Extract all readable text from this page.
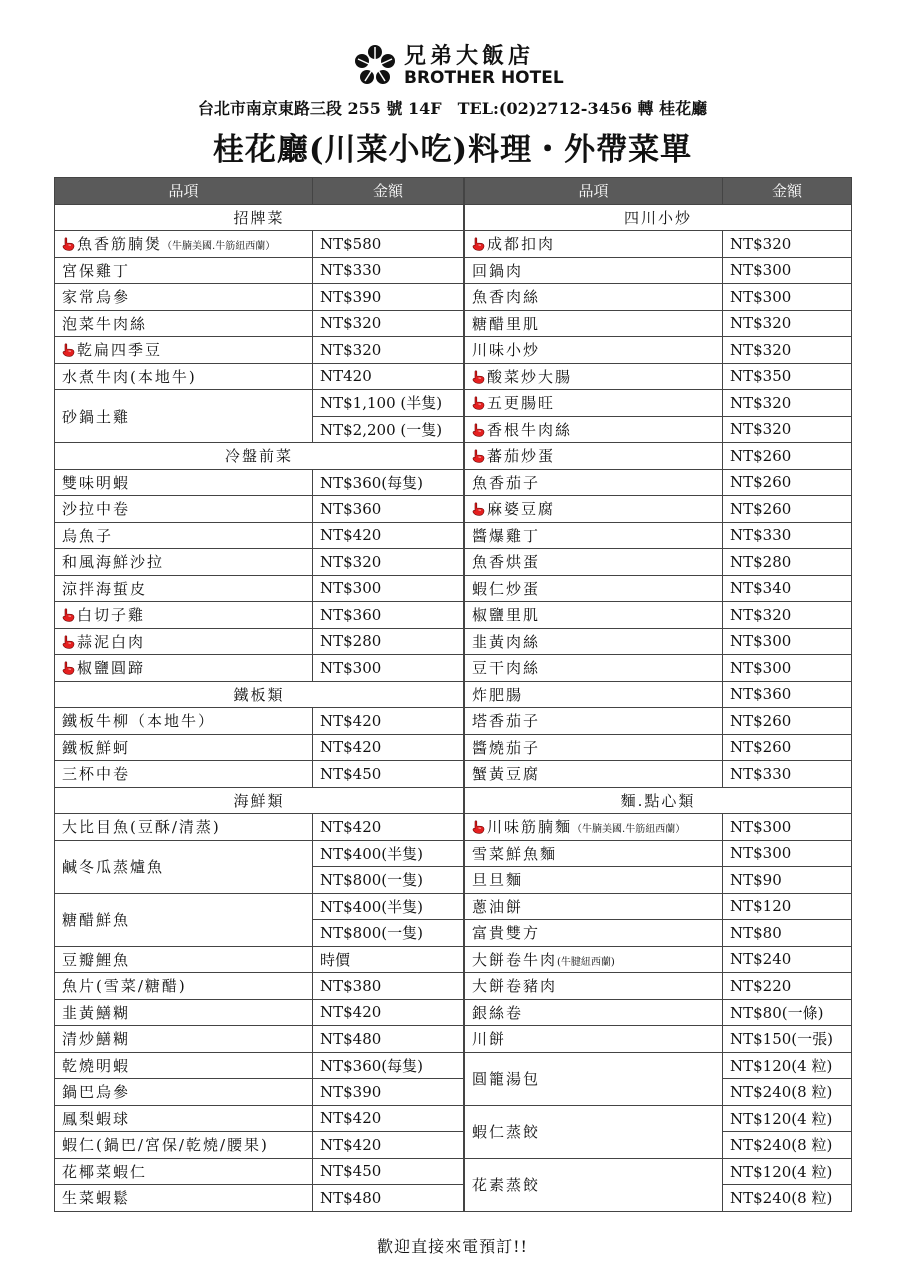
兄弟大飯店
BROTHER HOTEL
台北市南京東路三段 255 號 14F　TEL:(02)2712-3456 轉 桂花廳
桂花廳(川菜小吃)料理・外帶菜單
品項	金額
招牌菜	
魚香筋腩煲（牛腩美國.牛筋紐西蘭）	NT$580
宮保雞丁	NT$330
家常烏參	NT$390
泡菜牛肉絲	NT$320
乾扁四季豆	NT$320
水煮牛肉(本地牛)	NT420
砂鍋土雞	NT$1,100 (半隻)
	NT$2,200 (一隻)
冷盤前菜	
雙味明蝦	NT$360(每隻)
沙拉中卷	NT$360
烏魚子	NT$420
和風海鮮沙拉	NT$320
涼拌海蜇皮	NT$300
白切子雞	NT$360
蒜泥白肉	NT$280
椒鹽圓蹄	NT$300
鐵板類	
鐵板牛柳（本地牛）	NT$420
鐵板鮮蚵	NT$420
三杯中卷	NT$450
海鮮類	
大比目魚(豆酥/清蒸)	NT$420
鹹冬瓜蒸爐魚	NT$400(半隻)
	NT$800(一隻)
糖醋鮮魚	NT$400(半隻)
	NT$800(一隻)
豆瓣鯉魚	時價
魚片(雪菜/糖醋)	NT$380
韭黃鱔糊	NT$420
清炒鱔糊	NT$480
乾燒明蝦	NT$360(每隻)
鍋巴烏參	NT$390
鳳梨蝦球	NT$420
蝦仁(鍋巴/宮保/乾燒/腰果)	NT$420
花椰菜蝦仁	NT$450
生菜蝦鬆	NT$480
品項	金額
四川小炒	
成都扣肉	NT$320
回鍋肉	NT$300
魚香肉絲	NT$300
糖醋里肌	NT$320
川味小炒	NT$320
酸菜炒大腸	NT$350
五更腸旺	NT$320
香根牛肉絲	NT$320
蕃茄炒蛋	NT$260
魚香茄子	NT$260
麻婆豆腐	NT$260
醬爆雞丁	NT$330
魚香烘蛋	NT$280
蝦仁炒蛋	NT$340
椒鹽里肌	NT$320
韭黃肉絲	NT$300
豆干肉絲	NT$300
炸肥腸	NT$360
塔香茄子	NT$260
醬燒茄子	NT$260
蟹黃豆腐	NT$330
麵.點心類	
川味筋腩麵（牛腩美國.牛筋紐西蘭）	NT$300
雪菜鮮魚麵	NT$300
旦旦麵	NT$90
蔥油餅	NT$120
富貴雙方	NT$80
大餅卷牛肉(牛腱紐西蘭)	NT$240
大餅卷豬肉	NT$220
銀絲卷	NT$80(一條)
川餅	NT$150(一張)
圓籠湯包	NT$120(4 粒)
	NT$240(8 粒)
蝦仁蒸餃	NT$120(4 粒)
	NT$240(8 粒)
花素蒸餃	NT$120(4 粒)
	NT$240(8 粒)
歡迎直接來電預訂!!
